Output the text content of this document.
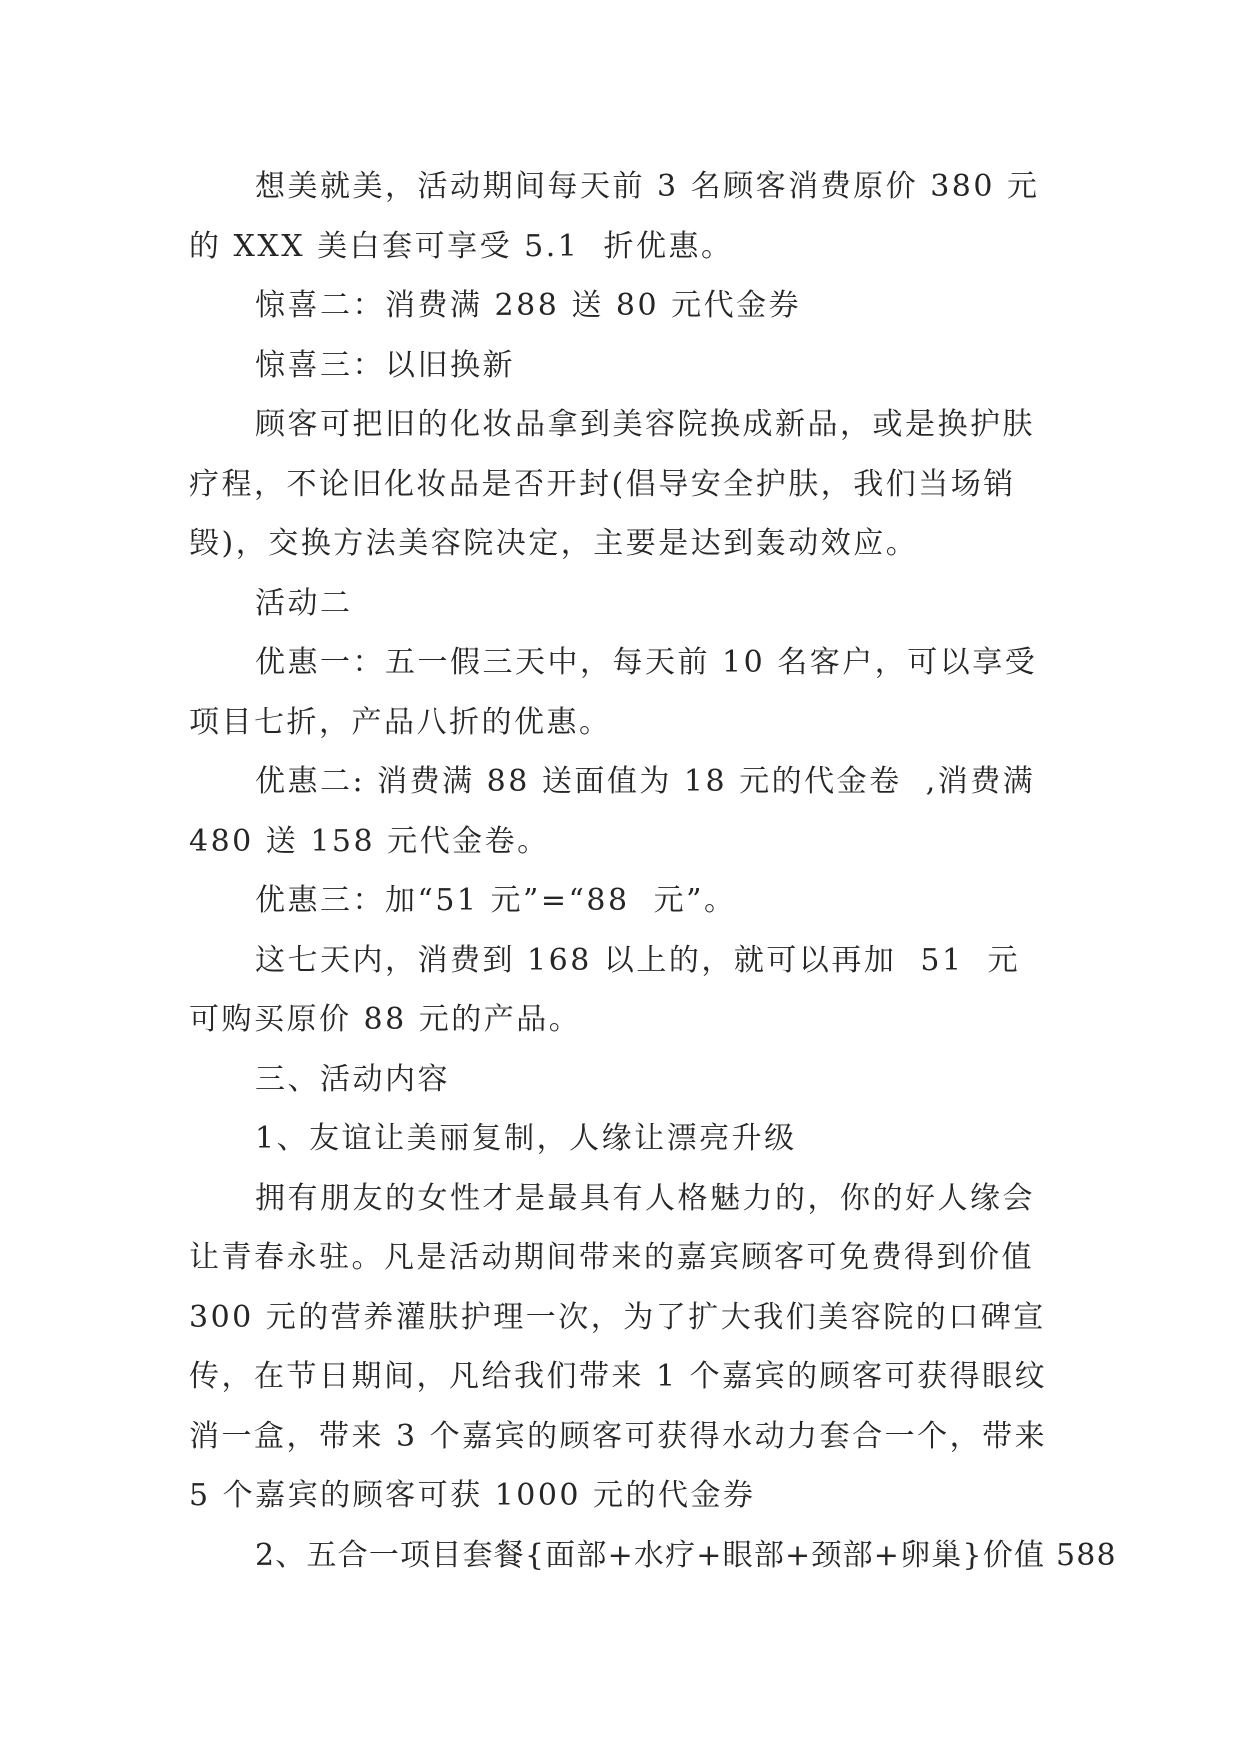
想美就美，活动期间每天前 3 名顾客消费原价 380 元的 XXX 美白套可享受 5.1  折优惠。

惊喜二：消费满 288 送 80 元代金券

惊喜三：以旧换新

顾客可把旧的化妆品拿到美容院换成新品，或是换护肤疗程，不论旧化妆品是否开封(倡导安全护肤，我们当场销毁)，交换方法美容院决定，主要是达到轰动效应。

活动二

优惠一：五一假三天中，每天前 10 名客户，可以享受项目七折，产品八折的优惠。

优惠二: 消费满 88 送面值为 18 元的代金卷  ,消费满 480 送 158 元代金卷。

优惠三：加“51 元”=“88  元”。

这七天内，消费到 168 以上的，就可以再加  51  元可购买原价 88 元的产品。

三、活动内容

1、友谊让美丽复制，人缘让漂亮升级

拥有朋友的女性才是最具有人格魅力的，你的好人缘会让青春永驻。凡是活动期间带来的嘉宾顾客可免费得到价值 300 元的营养灌肤护理一次，为了扩大我们美容院的口碑宣传，在节日期间，凡给我们带来 1 个嘉宾的顾客可获得眼纹消一盒，带来 3 个嘉宾的顾客可获得水动力套合一个，带来 5 个嘉宾的顾客可获 1000 元的代金券

2、五合一项目套餐{面部+水疗+眼部+颈部+卵巢}价值 588
